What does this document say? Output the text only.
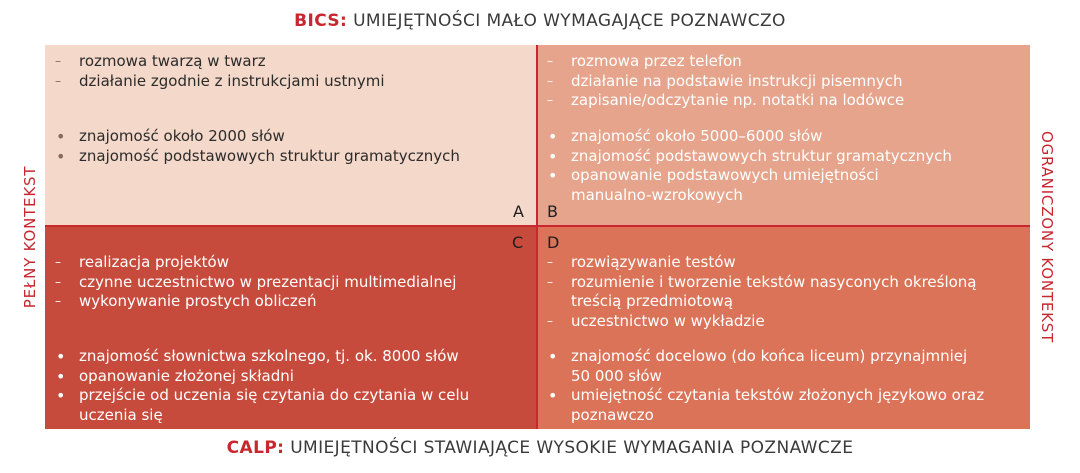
BICS: UMIEJĘTNOŚCI MAŁO WYMAGAJĄCE POZNAWCZO
PEŁNY KONTEKST	OGRANICZONY KONTEKST
– rozmowa twarzą w twarz
– działanie zgodnie z instrukcjami ustnymi
• znajomość około 2000 słów
• znajomość podstawowych struktur gramatycznych
A
– rozmowa przez telefon
– działanie na podstawie instrukcji pisemnych
– zapisanie/odczytanie np. notatki na lodówce
• znajomość około 5000–6000 słów
• znajomość podstawowych struktur gramatycznych
• opanowanie podstawowych umiejętności
manualno-wzrokowych
B
C
– realizacja projektów
– czynne uczestnictwo w prezentacji multimedialnej
– wykonywanie prostych obliczeń
• znajomość słownictwa szkolnego, tj. ok. 8000 słów
• opanowanie złożonej składni
• przejście od uczenia się czytania do czytania w celu
uczenia się
D
– rozwiązywanie testów
– rozumienie i tworzenie tekstów nasyconych określoną
treścią przedmiotową
– uczestnictwo w wykładzie
• znajomość docelowo (do końca liceum) przynajmniej
50 000 słów
• umiejętność czytania tekstów złożonych językowo oraz
poznawczo
CALP: UMIEJĘTNOŚCI STAWIAJĄCE WYSOKIE WYMAGANIA POZNAWCZE
